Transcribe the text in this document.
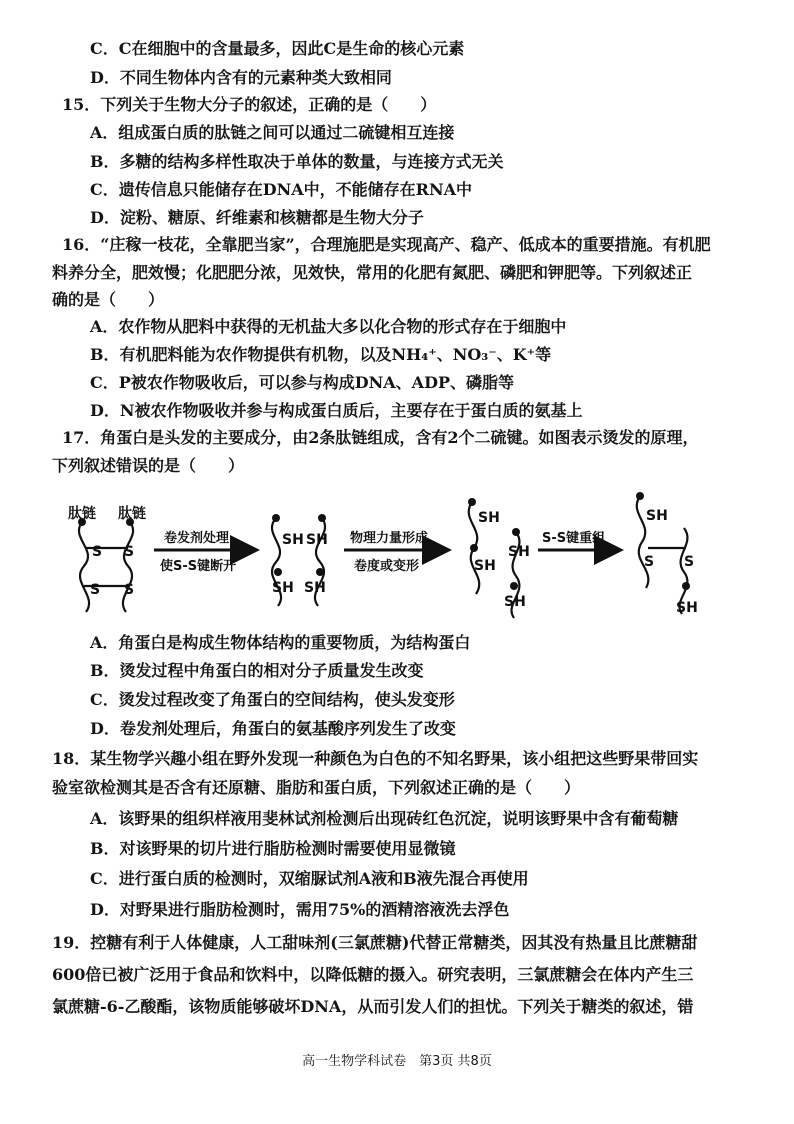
C．C在细胞中的含量最多，因此C是生命的核心元素
D．不同生物体内含有的元素种类大致相同
15．下列关于生物大分子的叙述，正确的是（　　）
A．组成蛋白质的肽链之间可以通过二硫键相互连接
B．多糖的结构多样性取决于单体的数量，与连接方式无关
C．遗传信息只能储存在DNA中，不能储存在RNA中
D．淀粉、糖原、纤维素和核糖都是生物大分子
16．“庄稼一枝花，全靠肥当家”，合理施肥是实现高产、稳产、低成本的重要措施。有机肥
料养分全，肥效慢；化肥肥分浓，见效快，常用的化肥有氮肥、磷肥和钾肥等。下列叙述正
确的是（　　）
A．农作物从肥料中获得的无机盐大多以化合物的形式存在于细胞中
B．有机肥料能为农作物提供有机物，以及NH₄⁺、NO₃⁻、K⁺等
C．P被农作物吸收后，可以参与构成DNA、ADP、磷脂等
D．N被农作物吸收并参与构成蛋白质后，主要存在于蛋白质的氨基上
17．角蛋白是头发的主要成分，由2条肽链组成，含有2个二硫键。如图表示烫发的原理，
下列叙述错误的是（　　）
肽链 肽链
S S
S S
SH SH
SH SH
SH
SH
SH
SH
SH
S S
SH
卷发剂处理
使S-S键断开
物理力量形成
卷度或变形
S-S键重组
A．角蛋白是构成生物体结构的重要物质，为结构蛋白
B．烫发过程中角蛋白的相对分子质量发生改变
C．烫发过程改变了角蛋白的空间结构，使头发变形
D．卷发剂处理后，角蛋白的氨基酸序列发生了改变
18．某生物学兴趣小组在野外发现一种颜色为白色的不知名野果，该小组把这些野果带回实
验室欲检测其是否含有还原糖、脂肪和蛋白质，下列叙述正确的是（　　）
A．该野果的组织样液用斐林试剂检测后出现砖红色沉淀，说明该野果中含有葡萄糖
B．对该野果的切片进行脂肪检测时需要使用显微镜
C．进行蛋白质的检测时，双缩脲试剂A液和B液先混合再使用
D．对野果进行脂肪检测时，需用75%的酒精溶液洗去浮色
19．控糖有利于人体健康，人工甜味剂(三氯蔗糖)代替正常糖类，因其没有热量且比蔗糖甜
600倍已被广泛用于食品和饮料中，以降低糖的摄入。研究表明，三氯蔗糖会在体内产生三
氯蔗糖-6-乙酸酯，该物质能够破坏DNA，从而引发人们的担忧。下列关于糖类的叙述，错
高一生物学科试卷　第3页 共8页
